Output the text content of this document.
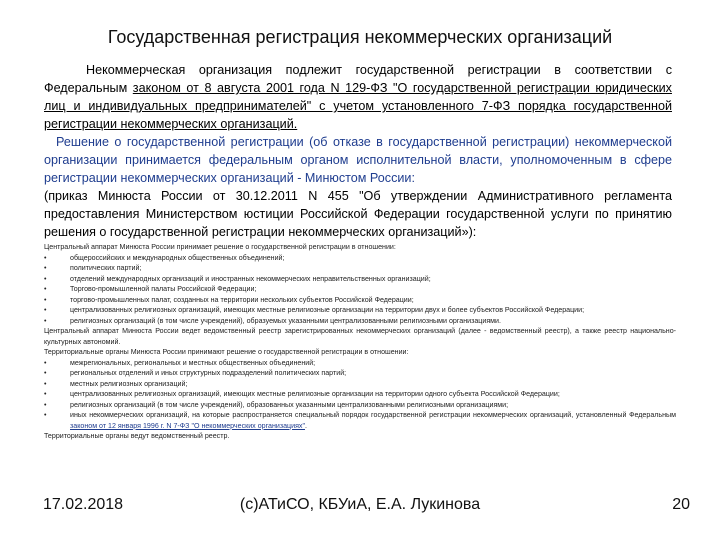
Государственная регистрация некоммерческих организаций

Некоммерческая организация подлежит государственной регистрации в соответствии с Федеральным законом от 8 августа 2001 года N 129-ФЗ "О государственной регистрации юридических лиц и индивидуальных предпринимателей" с учетом установленного 7-ФЗ порядка государственной регистрации некоммерческих организаций.

Решение о государственной регистрации (об отказе в государственной регистрации) некоммерческой организации принимается федеральным органом исполнительной власти, уполномоченным в сфере регистрации некоммерческих организаций - Минюстом России:

(приказ Минюста России от 30.12.2011 N 455 "Об утверждении Административного регламента предоставления Министерством юстиции Российской Федерации государственной услуги по принятию решения о государственной регистрации некоммерческих организаций»):

Центральный аппарат Минюста России принимает решение о государственной регистрации в отношении:

•	общероссийских и международных общественных объединений;
•	политических партий;
•	отделений международных организаций и иностранных некоммерческих неправительственных организаций;
•	Торгово-промышленной палаты Российской Федерации;
•	торгово-промышленных палат, созданных на территории нескольких субъектов Российской Федерации;
•	централизованных религиозных организаций, имеющих местные религиозные организации на территории двух и более субъектов Российской Федерации;
•	религиозных организаций (в том числе учреждений), образуемых указанными централизованными религиозными организациями.

Центральный аппарат Минюста России ведет ведомственный реестр зарегистрированных некоммерческих организаций (далее - ведомственный реестр), а также реестр национально-культурных автономий.

Территориальные органы Минюста России принимают решение о государственной регистрации в отношении:

•	межрегиональных, региональных и местных общественных объединений;
•	региональных отделений и иных структурных подразделений политических партий;
•	местных религиозных организаций;
•	централизованных религиозных организаций, имеющих местные религиозные организации на территории одного субъекта Российской Федерации;
•	религиозных организаций (в том числе учреждений), образованных указанными централизованными религиозными организациями;
•	иных некоммерческих организаций, на которые распространяется специальный порядок государственной регистрации некоммерческих организаций, установленный Федеральным законом от 12 января 1996 г. N 7-ФЗ "О некоммерческих организациях".

Территориальные органы ведут ведомственный реестр.

17.02.2018	(c)АТиСО, КБУиА, Е.А. Лукинова	20
